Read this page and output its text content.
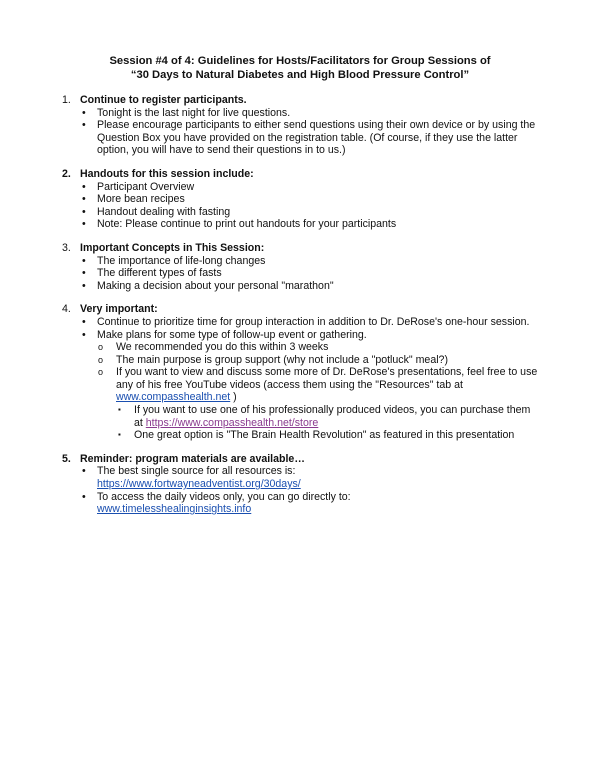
Session #4 of 4: Guidelines for Hosts/Facilitators for Group Sessions of
“30 Days to Natural Diabetes and High Blood Pressure Control”
1. Continue to register participants.
• Tonight is the last night for live questions.
• Please encourage participants to either send questions using their own device or by using the Question Box you have provided on the registration table. (Of course, if they use the latter option, you will have to send their questions in to us.)
2. Handouts for this session include:
• Participant Overview
• More bean recipes
• Handout dealing with fasting
• Note: Please continue to print out handouts for your participants
3. Important Concepts in This Session:
• The importance of life-long changes
• The different types of fasts
• Making a decision about your personal "marathon"
4. Very important:
• Continue to prioritize time for group interaction in addition to Dr. DeRose's one-hour session.
• Make plans for some type of follow-up event or gathering.
o We recommended you do this within 3 weeks
o The main purpose is group support (why not include a "potluck" meal?)
o If you want to view and discuss some more of Dr. DeRose's presentations, feel free to use any of his free YouTube videos (access them using the "Resources" tab at www.compasshealth.net )
▪ If you want to use one of his professionally produced videos, you can purchase them at https://www.compasshealth.net/store
▪ One great option is "The Brain Health Revolution" as featured in this presentation
5. Reminder: program materials are available…
• The best single source for all resources is:
https://www.fortwayneadventist.org/30days/
• To access the daily videos only, you can go directly to:
www.timelesshealinginsights.info
